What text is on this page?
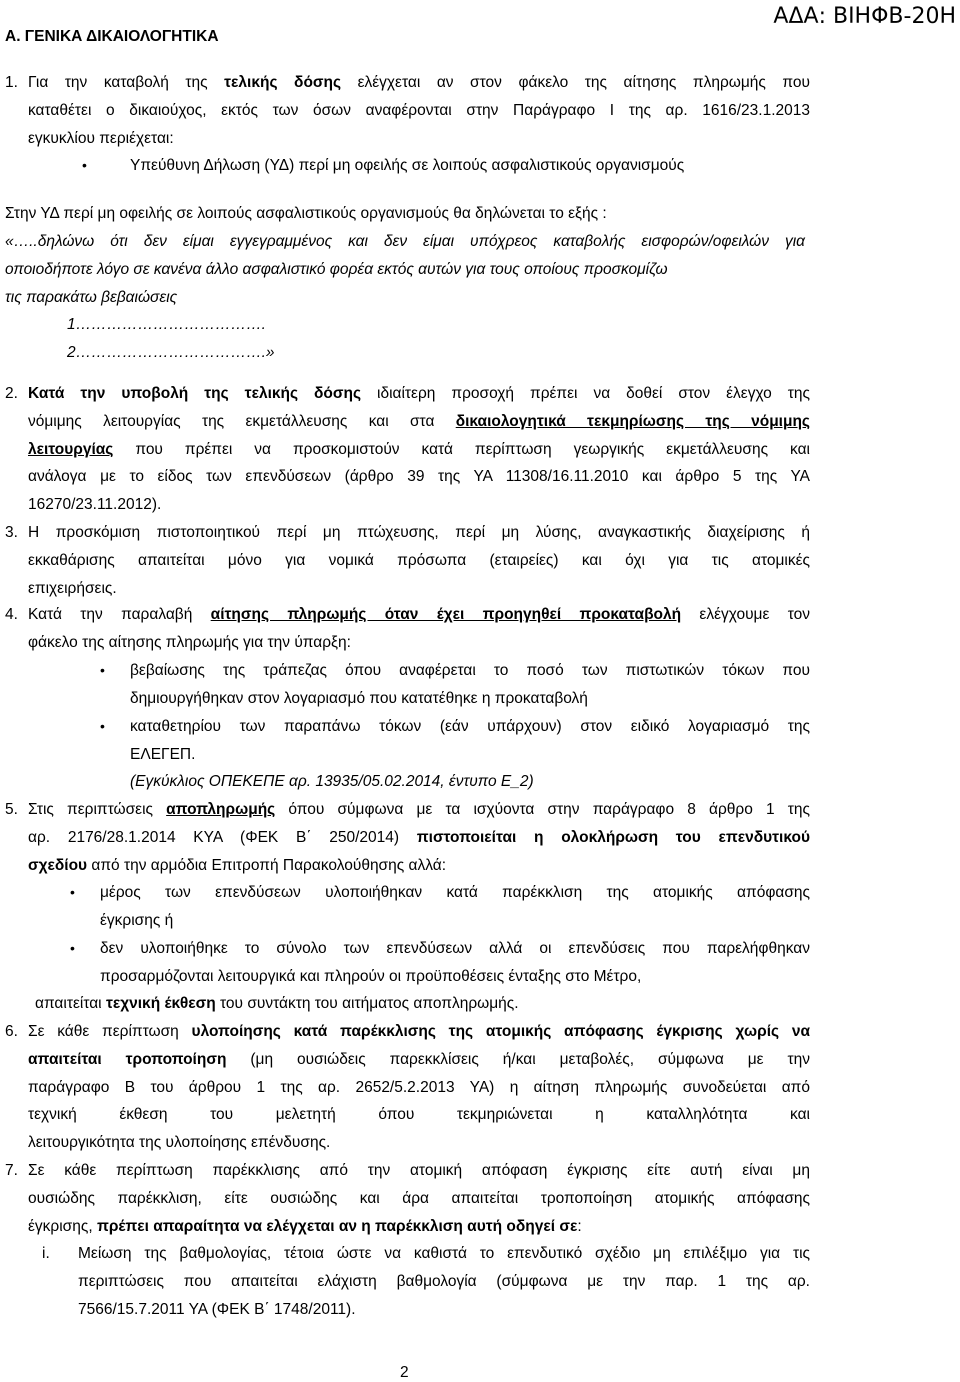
ΑΔΑ: ΒΙΗΦΒ-20Η
Α. ΓΕΝΙΚΑ ΔΙΚΑΙΟΛΟΓΗΤΙΚΑ
1. Για την καταβολή της τελικής δόσης ελέγχεται αν στον φάκελο της αίτησης πληρωμής που
καταθέτει ο δικαιούχος, εκτός των όσων αναφέρονται στην Παράγραφο Ι της αρ. 1616/23.1.2013
εγκυκλίου περιέχεται:
•	Υπεύθυνη Δήλωση (ΥΔ) περί μη οφειλής σε λοιπούς ασφαλιστικούς οργανισμούς
Στην ΥΔ περί μη οφειλής σε λοιπούς ασφαλιστικούς οργανισμούς θα δηλώνεται το εξής :
«…..δηλώνω ότι δεν είμαι εγγεγραμμένος και δεν είμαι υπόχρεος καταβολής εισφορών/οφειλών για
οποιοδήποτε λόγο σε κανένα άλλο ασφαλιστικό φορέα εκτός αυτών για τους οποίους προσκομίζω
τις παρακάτω βεβαιώσεις
1……………………………….
2……………………………….»
2. Κατά την υποβολή της τελικής δόσης ιδιαίτερη προσοχή πρέπει να δοθεί στον έλεγχο της
νόμιμης λειτουργίας της εκμετάλλευσης και στα δικαιολογητικά τεκμηρίωσης της νόμιμης
λειτουργίας που πρέπει να προσκομιστούν κατά περίπτωση γεωργικής εκμετάλλευσης και
ανάλογα με το είδος των επενδύσεων (άρθρο 39 της ΥΑ 11308/16.11.2010 και άρθρο 5 της ΥΑ
16270/23.11.2012).
3. Η προσκόμιση πιστοποιητικού περί μη πτώχευσης, περί μη λύσης, αναγκαστικής διαχείρισης ή
εκκαθάρισης απαιτείται μόνο για νομικά πρόσωπα (εταιρείες) και όχι για τις ατομικές
επιχειρήσεις.
4. Κατά την παραλαβή αίτησης πληρωμής όταν έχει προηγηθεί προκαταβολή ελέγχουμε τον
φάκελο της αίτησης πληρωμής για την ύπαρξη:
• βεβαίωσης της τράπεζας όπου αναφέρεται το ποσό των πιστωτικών τόκων που
δημιουργήθηκαν στον λογαριασμό που κατατέθηκε η προκαταβολή
• καταθετηρίου των παραπάνω τόκων (εάν υπάρχουν) στον ειδικό λογαριασμό της
ΕΛΕΓΕΠ.
(Εγκύκλιος ΟΠΕΚΕΠΕ αρ. 13935/05.02.2014, έντυπο Ε_2)
5. Στις περιπτώσεις αποπληρωμής όπου σύμφωνα με τα ισχύοντα στην παράγραφο 8 άρθρο 1 της
αρ. 2176/28.1.2014 ΚΥΑ (ΦΕΚ Β΄ 250/2014) πιστοποιείται η ολοκλήρωση του επενδυτικού
σχεδίου από την αρμόδια Επιτροπή Παρακολούθησης αλλά:
• μέρος των επενδύσεων υλοποιήθηκαν κατά παρέκκλιση της ατομικής απόφασης
έγκρισης ή
• δεν υλοποιήθηκε το σύνολο των επενδύσεων αλλά οι επενδύσεις που παρελήφθηκαν
προσαρμόζονται λειτουργικά και πληρούν οι προϋποθέσεις ένταξης στο Μέτρο,
απαιτείται τεχνική έκθεση του συντάκτη του αιτήματος αποπληρωμής.
6. Σε κάθε περίπτωση υλοποίησης κατά παρέκκλισης της ατομικής απόφασης έγκρισης χωρίς να
απαιτείται τροποποίηση (μη ουσιώδεις παρεκκλίσεις ή/και μεταβολές, σύμφωνα με την
παράγραφο Β του άρθρου 1 της αρ. 2652/5.2.2013 ΥΑ) η αίτηση πληρωμής συνοδεύεται από
τεχνική έκθεση του μελετητή όπου τεκμηριώνεται η καταλληλότητα και
λειτουργικότητα της υλοποίησης επένδυσης.
7. Σε κάθε περίπτωση παρέκκλισης από την ατομική απόφαση έγκρισης είτε αυτή είναι μη
ουσιώδης παρέκκλιση, είτε ουσιώδης και άρα απαιτείται τροποποίηση ατομικής απόφασης
έγκρισης, πρέπει απαραίτητα να ελέγχεται αν η παρέκκλιση αυτή οδηγεί σε:
i. Μείωση της βαθμολογίας, τέτοια ώστε να καθιστά το επενδυτικό σχέδιο μη επιλέξιμο για τις
περιπτώσεις που απαιτείται ελάχιστη βαθμολογία (σύμφωνα με την παρ. 1 της αρ.
7566/15.7.2011 ΥΑ (ΦΕΚ Β΄ 1748/2011).
2
